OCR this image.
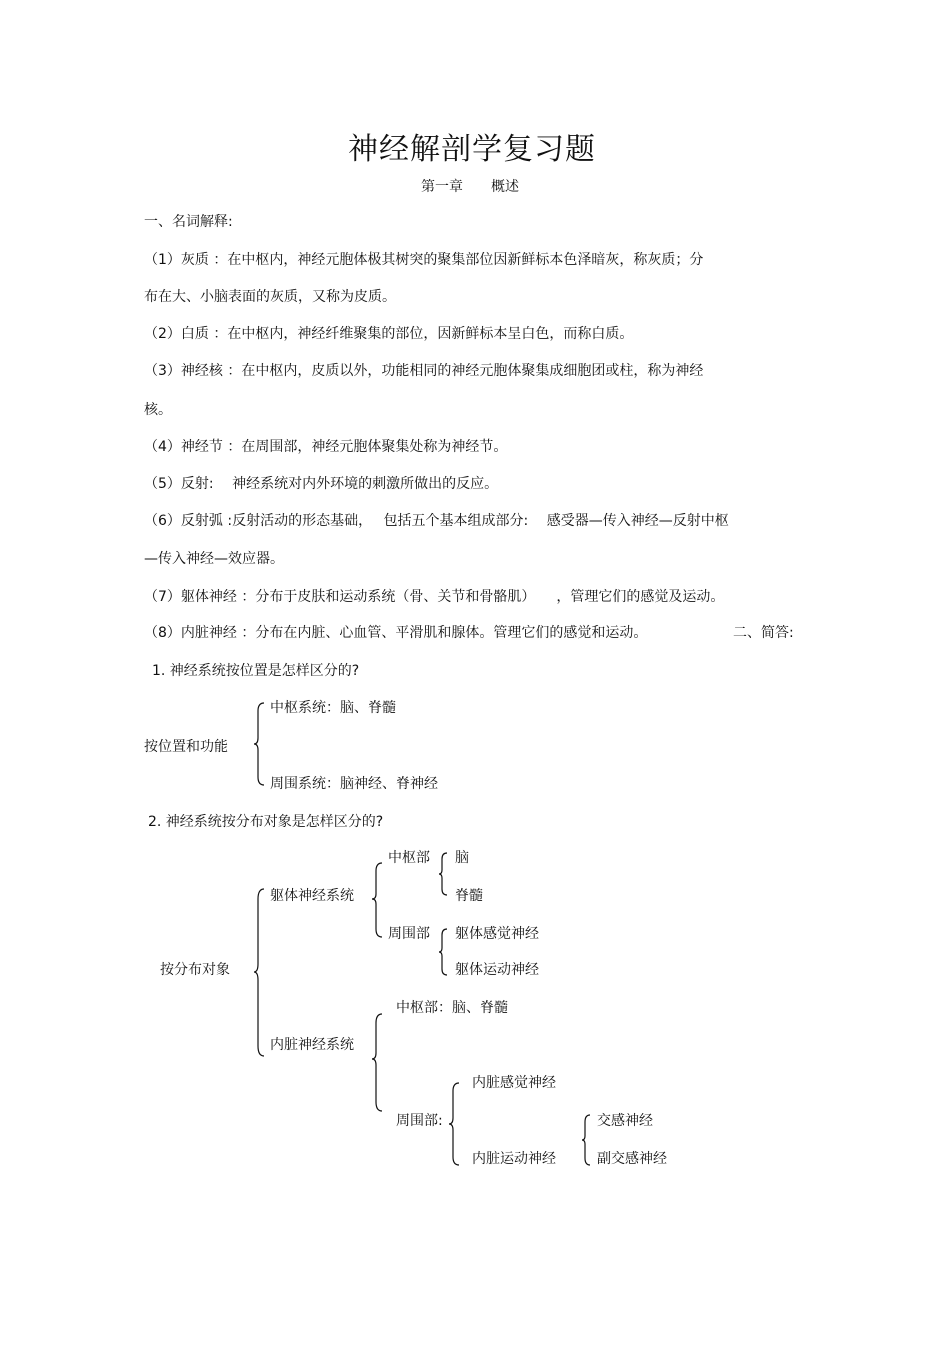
神经解剖学复习题
第一章　　概述
一、名词解释:
（1）灰质 ：在中枢内，神经元胞体极其树突的聚集部位因新鲜标本色泽暗灰，称灰质；分
布在大、小脑表面的灰质，又称为皮质。
（2）白质 ：在中枢内，神经纤维聚集的部位，因新鲜标本呈白色，而称白质。
（3）神经核 ：在中枢内，皮质以外，功能相同的神经元胞体聚集成细胞团或柱，称为神经
核。
（4）神经节 ：在周围部，神经元胞体聚集处称为神经节。
（5）反射:　 神经系统对内外环境的刺激所做出的反应。
（6）反射弧 :反射活动的形态基础，　 包括五个基本组成部分:　 感受器—传入神经—反射中枢
—传入神经—效应器。
（7）躯体神经 ：分布于皮肤和运动系统（骨、关节和骨骼肌）　　，管理它们的感觉及运动。
（8）内脏神经 ：分布在内脏、心血管、平滑肌和腺体。管理它们的感觉和运动。	二、简答:
1. 神经系统按位置是怎样区分的?
中枢系统：脑、脊髓
按位置和功能
周围系统：脑神经、脊神经
2. 神经系统按分布对象是怎样区分的?
按分布对象
躯体神经系统
中枢部 脑
脊髓
周围部 躯体感觉神经
躯体运动神经
内脏神经系统
中枢部：脑、脊髓
周围部:
内脏感觉神经
内脏运动神经
交感神经
副交感神经
